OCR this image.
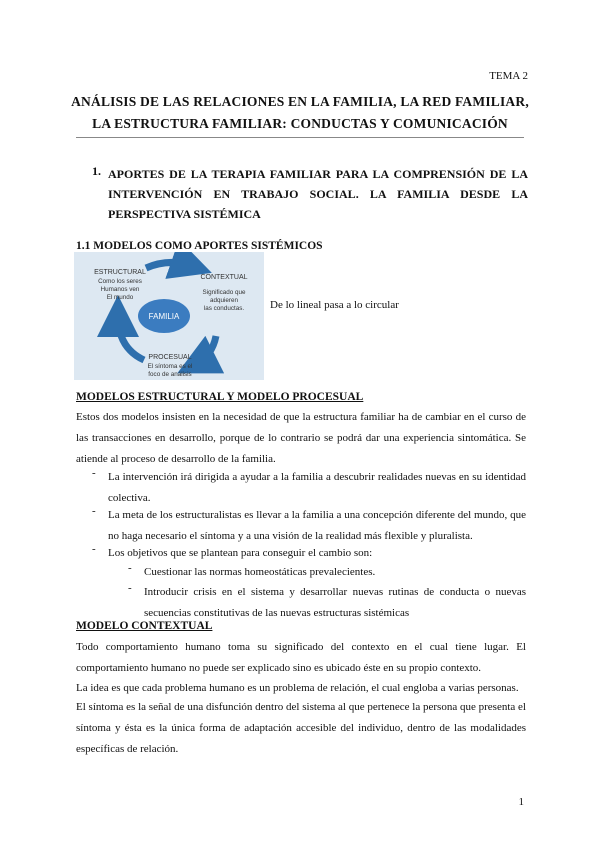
TEMA 2
ANÁLISIS DE LAS RELACIONES EN LA FAMILIA, LA RED FAMILIAR,
LA ESTRUCTURA FAMILIAR: CONDUCTAS Y COMUNICACIÓN
1. APORTES DE LA TERAPIA FAMILIAR PARA LA COMPRENSIÓN DE LA INTERVENCIÓN EN TRABAJO SOCIAL. LA FAMILIA DESDE LA PERSPECTIVA SISTÉMICA
1.1 MODELOS COMO APORTES SISTÉMICOS
FAMILIA
ESTRUCTURAL
Como los seres
Humanos ven
El mundo
CONTEXTUAL
Significado que
adquieren
las conductas.
PROCESUAL
El síntoma es el
foco de análisis
De lo lineal pasa a lo circular
MODELOS ESTRUCTURAL Y MODELO PROCESUAL
Estos dos modelos insisten en la necesidad de que la estructura familiar ha de cambiar en el curso de las transacciones en desarrollo, porque de lo contrario se podrá dar una experiencia sintomática. Se atiende al proceso de desarrollo de la familia.
- La intervención irá dirigida a ayudar a la familia a descubrir realidades nuevas en su identidad colectiva.
- La meta de los estructuralistas es llevar a la familia a una concepción diferente del mundo, que no haga necesario el síntoma y a una visión de la realidad más flexible y pluralista.
- Los objetivos que se plantean para conseguir el cambio son:
- Cuestionar las normas homeostáticas prevalecientes.
- Introducir crisis en el sistema y desarrollar nuevas rutinas de conducta o nuevas secuencias constitutivas de las nuevas estructuras sistémicas
MODELO CONTEXTUAL
Todo comportamiento humano toma su significado del contexto en el cual tiene lugar. El comportamiento humano no puede ser explicado sino es ubicado éste en su propio contexto.
La idea es que cada problema humano es un problema de relación, el cual engloba a varias personas.
El síntoma es la señal de una disfunción dentro del sistema al que pertenece la persona que presenta el síntoma y ésta es la única forma de adaptación accesible del individuo, dentro de las modalidades específicas de relación.
1
